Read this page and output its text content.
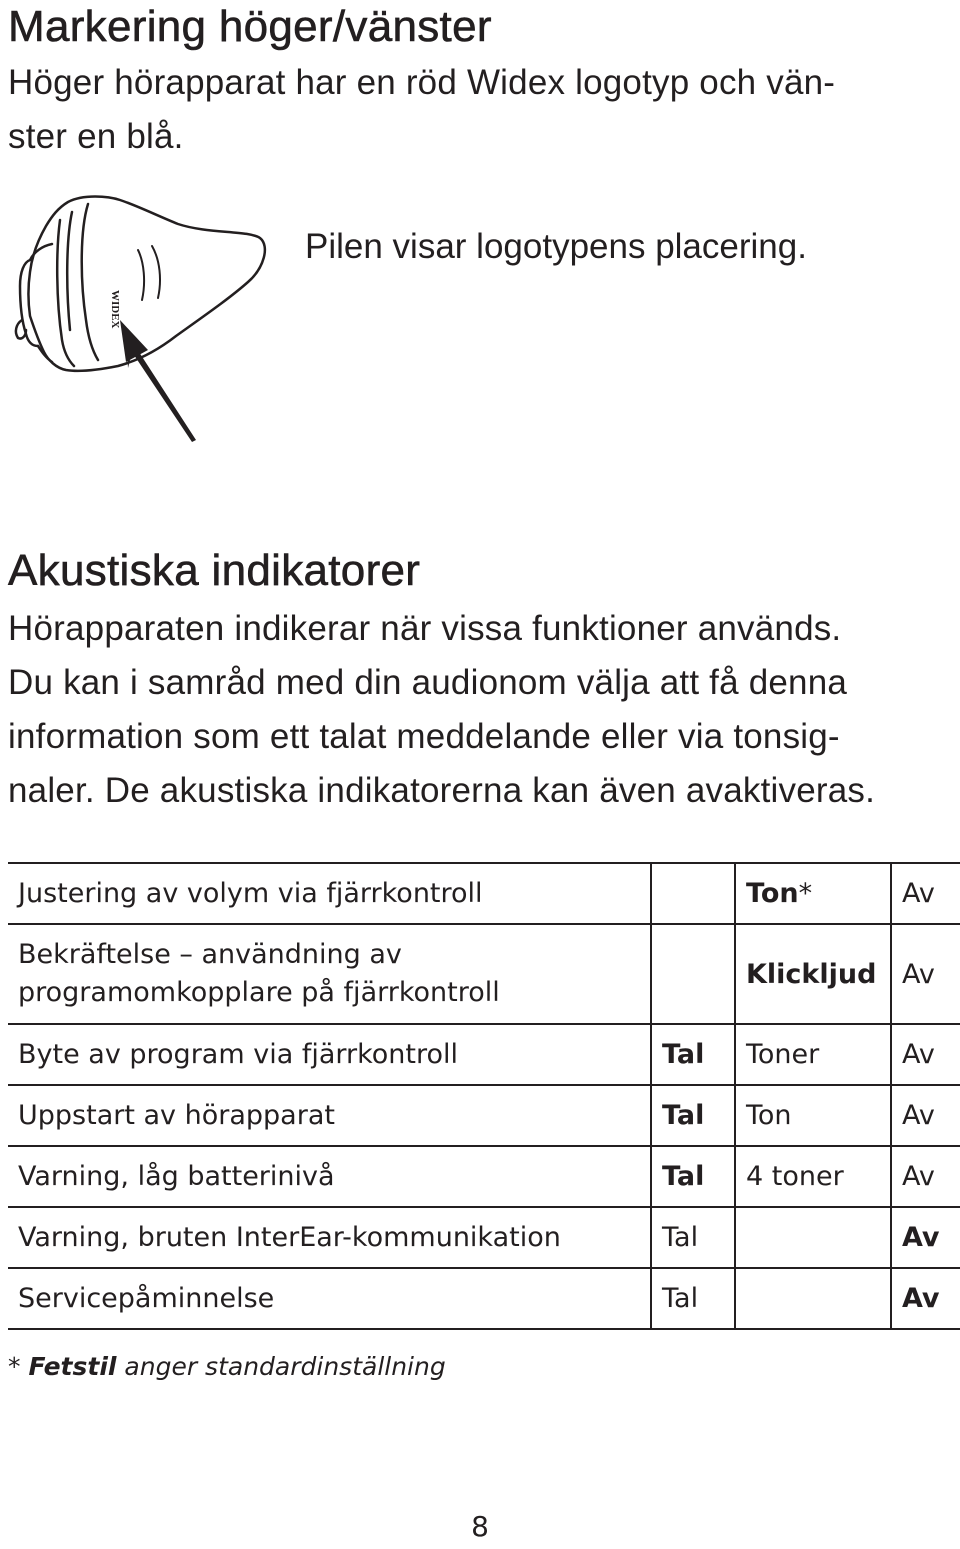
Markering höger/vänster
Höger hörapparat har en röd Widex logotyp och vän-
ster en blå.
WIDEX
Pilen visar logotypens placering.
Akustiska indikatorer
Hörapparaten indikerar när vissa funktioner används.
Du kan i samråd med din audionom välja att få denna
information som ett talat meddelande eller via tonsig-
naler. De akustiska indikatorerna kan även avaktiveras.
Justering av volym via fjärrkontroll		Ton*	Av

Bekräftelse – användning av
programomkopplare på fjärrkontroll		Klickljud	Av
Byte av program via fjärrkontroll	Tal	Toner	Av
Uppstart av hörapparat	Tal	Ton	Av
Varning, låg batterinivå	Tal	4 toner	Av
Varning, bruten InterEar-kommunikation	Tal		Av
Servicepåminnelse	Tal		Av
* Fetstil anger standardinställning
8
